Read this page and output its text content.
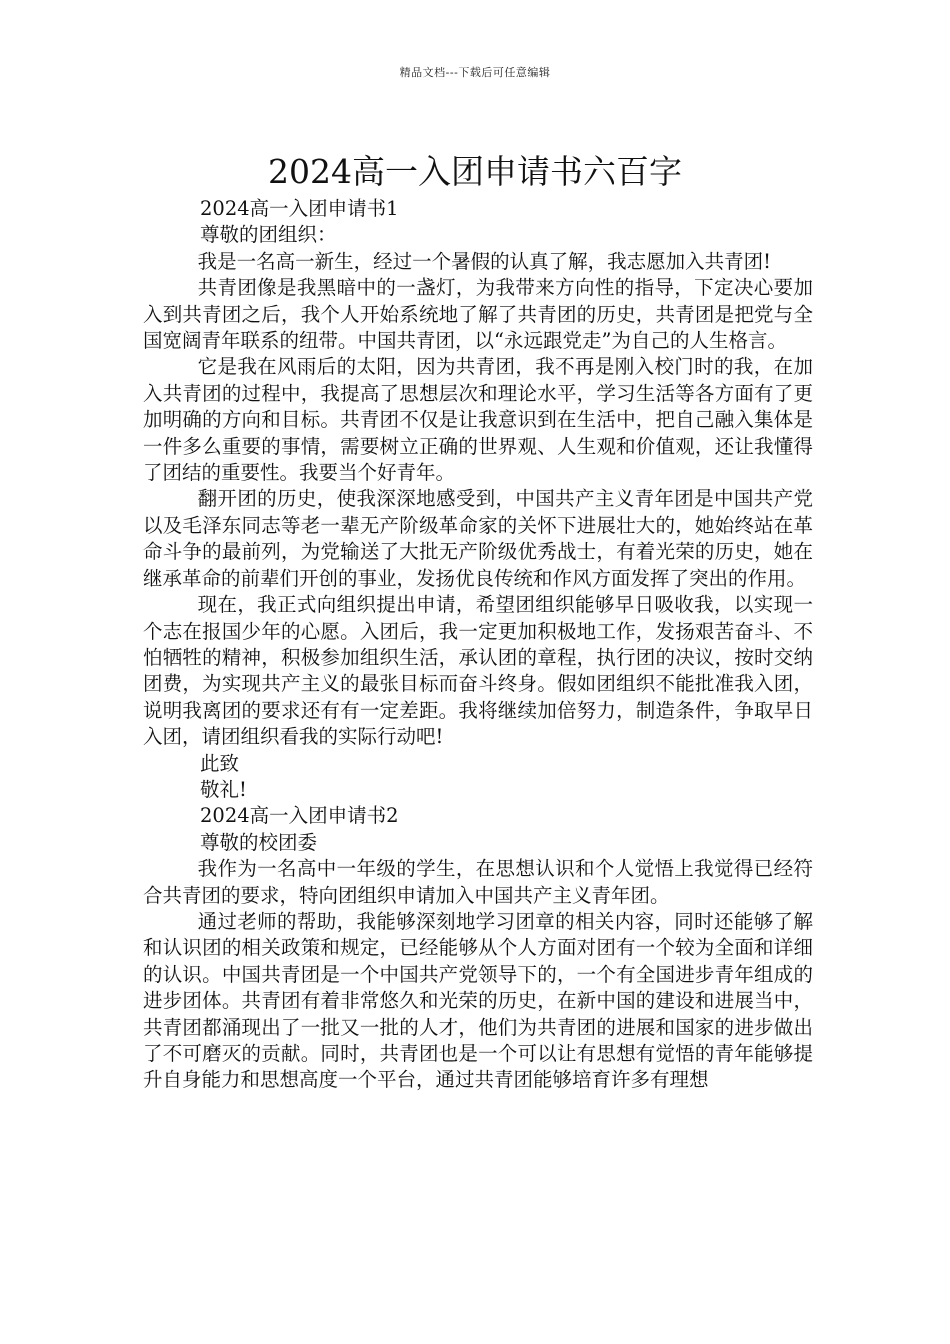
精品文档---下载后可任意编辑
2024高一入团申请书六百字

2024高一入团申请书1

尊敬的团组织：

我是一名高一新生，经过一个暑假的认真了解，我志愿加入共青团!

共青团像是我黑暗中的一盏灯，为我带来方向性的指导，下定决心要加入到共青团之后，我个人开始系统地了解了共青团的历史，共青团是把党与全国宽阔青年联系的纽带。中国共青团，以“永远跟党走”为自己的人生格言。

它是我在风雨后的太阳，因为共青团，我不再是刚入校门时的我，在加入共青团的过程中，我提高了思想层次和理论水平，学习生活等各方面有了更加明确的方向和目标。共青团不仅是让我意识到在生活中，把自己融入集体是一件多么重要的事情，需要树立正确的世界观、人生观和价值观，还让我懂得了团结的重要性。我要当个好青年。

翻开团的历史，使我深深地感受到，中国共产主义青年团是中国共产党以及毛泽东同志等老一辈无产阶级革命家的关怀下进展壮大的，她始终站在革命斗争的最前列，为党输送了大批无产阶级优秀战士，有着光荣的历史，她在继承革命的前辈们开创的事业，发扬优良传统和作风方面发挥了突出的作用。

现在，我正式向组织提出申请，希望团组织能够早日吸收我，以实现一个志在报国少年的心愿。入团后，我一定更加积极地工作，发扬艰苦奋斗、不怕牺牲的精神，积极参加组织生活，承认团的章程，执行团的决议，按时交纳团费，为实现共产主义的最张目标而奋斗终身。假如团组织不能批准我入团，说明我离团的要求还有有一定差距。我将继续加倍努力，制造条件，争取早日入团，请团组织看我的实际行动吧!

此致

敬礼!

2024高一入团申请书2

尊敬的校团委

我作为一名高中一年级的学生，在思想认识和个人觉悟上我觉得已经符合共青团的要求，特向团组织申请加入中国共产主义青年团。

通过老师的帮助，我能够深刻地学习团章的相关内容，同时还能够了解和认识团的相关政策和规定，已经能够从个人方面对团有一个较为全面和详细的认识。中国共青团是一个中国共产党领导下的，一个有全国进步青年组成的进步团体。共青团有着非常悠久和光荣的历史，在新中国的建设和进展当中，共青团都涌现出了一批又一批的人才，他们为共青团的进展和国家的进步做出了不可磨灭的贡献。同时，共青团也是一个可以让有思想有觉悟的青年能够提升自身能力和思想高度一个平台，通过共青团能够培育许多有理想
